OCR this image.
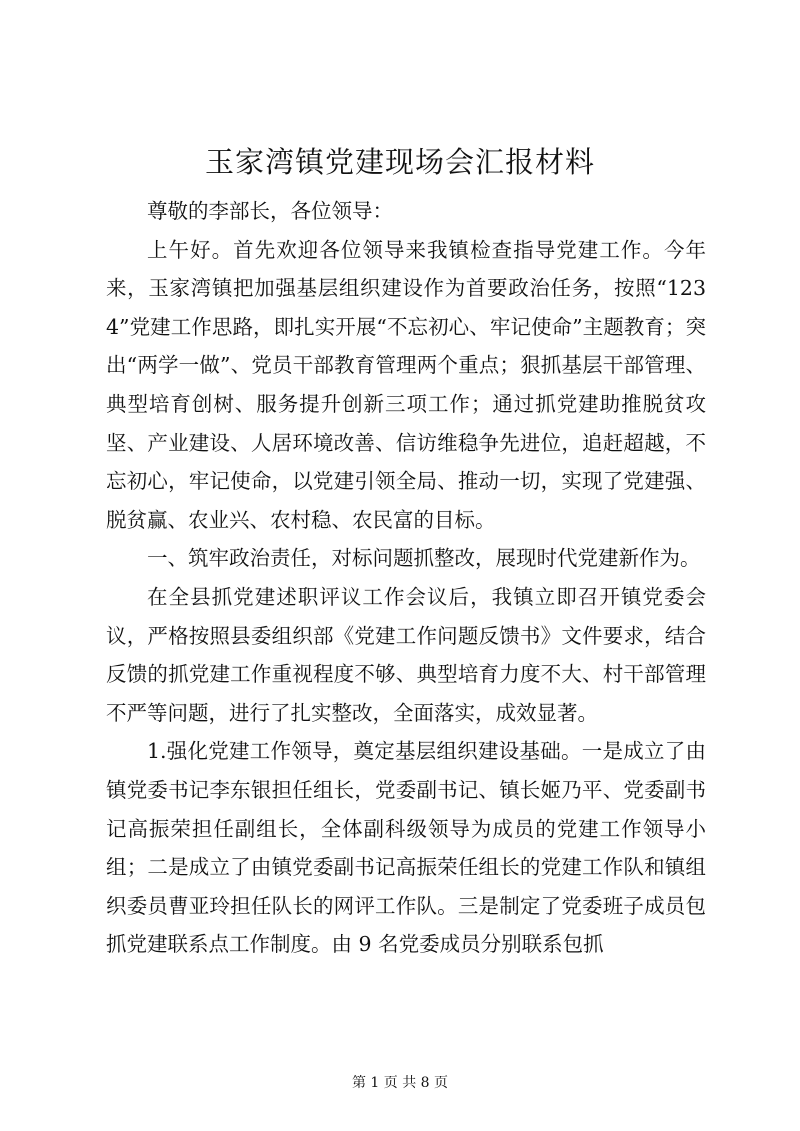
玉家湾镇党建现场会汇报材料

尊敬的李部长，各位领导：

上午好。首先欢迎各位领导来我镇检查指导党建工作。今年来，玉家湾镇把加强基层组织建设作为首要政治任务，按照“1234”党建工作思路，即扎实开展“不忘初心、牢记使命”主题教育；突出“两学一做”、党员干部教育管理两个重点；狠抓基层干部管理、典型培育创树、服务提升创新三项工作；通过抓党建助推脱贫攻坚、产业建设、人居环境改善、信访维稳争先进位，追赶超越，不忘初心，牢记使命，以党建引领全局、推动一切，实现了党建强、脱贫赢、农业兴、农村稳、农民富的目标。

一、筑牢政治责任，对标问题抓整改，展现时代党建新作为。

在全县抓党建述职评议工作会议后，我镇立即召开镇党委会议，严格按照县委组织部《党建工作问题反馈书》文件要求，结合反馈的抓党建工作重视程度不够、典型培育力度不大、村干部管理不严等问题，进行了扎实整改，全面落实，成效显著。

1.强化党建工作领导，奠定基层组织建设基础。一是成立了由镇党委书记李东银担任组长，党委副书记、镇长姬乃平、党委副书记高振荣担任副组长，全体副科级领导为成员的党建工作领导小组；二是成立了由镇党委副书记高振荣任组长的党建工作队和镇组织委员曹亚玲担任队长的网评工作队。三是制定了党委班子成员包抓党建联系点工作制度。由 9 名党委成员分别联系包抓

第 1 页 共 8 页
